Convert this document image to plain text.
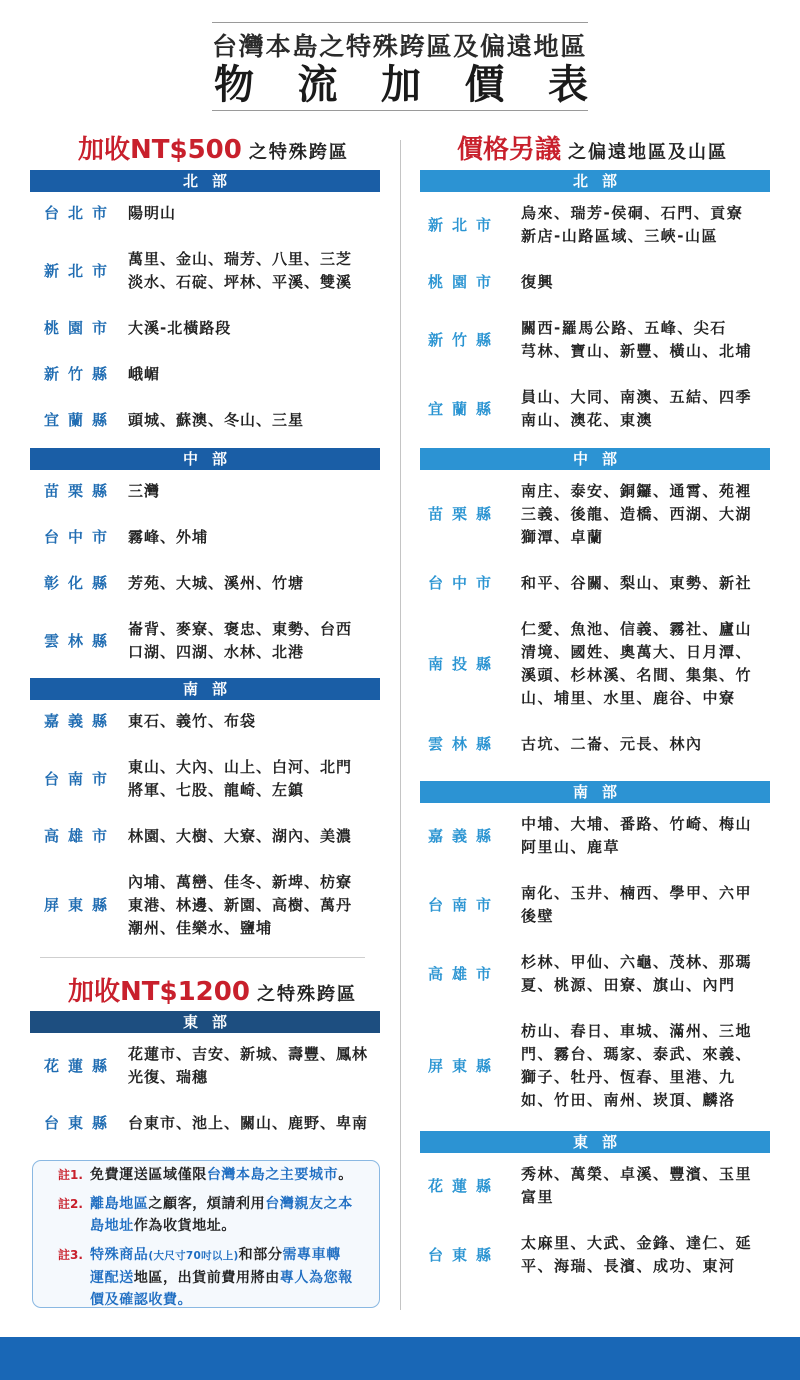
台灣本島之特殊跨區及偏遠地區
物流加價表
加收NT$500 之特殊跨區
北部
台北市 陽明山
新北市
萬里、金山、瑞芳、八里、三芝
淡水、石碇、坪林、平溪、雙溪
桃園市 大溪-北橫路段
新竹縣 峨嵋
宜蘭縣 頭城、蘇澳、冬山、三星
中部
苗栗縣 三灣
台中市 霧峰、外埔
彰化縣 芳苑、大城、溪州、竹塘
雲林縣
崙背、麥寮、褒忠、東勢、台西
口湖、四湖、水林、北港
南部
嘉義縣 東石、義竹、布袋
台南市
東山、大內、山上、白河、北門
將軍、七股、龍崎、左鎮
高雄市 林園、大樹、大寮、湖內、美濃
屏東縣
內埔、萬巒、佳冬、新埤、枋寮
東港、林邊、新園、高樹、萬丹
潮州、佳樂水、鹽埔
加收NT$1200 之特殊跨區
東部
花蓮縣
花蓮市、吉安、新城、壽豐、鳳林
光復、瑞穗
台東縣 台東市、池上、關山、鹿野、卑南
註1. 免費運送區域僅限台灣本島之主要城市。
註2. 離島地區之顧客，煩請利用台灣親友之本
島地址作為收貨地址。
註3. 特殊商品(大尺寸70吋以上)和部分需專車轉
運配送地區，出貨前費用將由專人為您報
價及確認收費。
價格另議 之偏遠地區及山區
北部
新北市
烏來、瑞芳-侯硐、石門、貢寮
新店-山路區域、三峽-山區
桃園市	復興
新竹縣
關西-羅馬公路、五峰、尖石
芎林、寶山、新豐、橫山、北埔
宜蘭縣
員山、大同、南澳、五結、四季
南山、澳花、東澳
中部
苗栗縣
南庄、泰安、銅鑼、通霄、苑裡
三義、後龍、造橋、西湖、大湖
獅潭、卓蘭
台中市	和平、谷關、梨山、東勢、新社
南投縣
仁愛、魚池、信義、霧社、廬山
清境、國姓、奧萬大、日月潭、
溪頭、杉林溪、名間、集集、竹
山、埔里、水里、鹿谷、中寮
雲林縣	古坑、二崙、元長、林內
南部
嘉義縣
中埔、大埔、番路、竹崎、梅山
阿里山、鹿草
台南市
南化、玉井、楠西、學甲、六甲
後壁
高雄市
杉林、甲仙、六龜、茂林、那瑪
夏、桃源、田寮、旗山、內門
屏東縣
枋山、春日、車城、滿州、三地
門、霧台、瑪家、泰武、來義、
獅子、牡丹、恆春、里港、九
如、竹田、南州、崁頂、麟洛
東部
花蓮縣
秀林、萬榮、卓溪、豐濱、玉里
富里
台東縣
太麻里、大武、金鋒、達仁、延
平、海瑞、長濱、成功、東河
